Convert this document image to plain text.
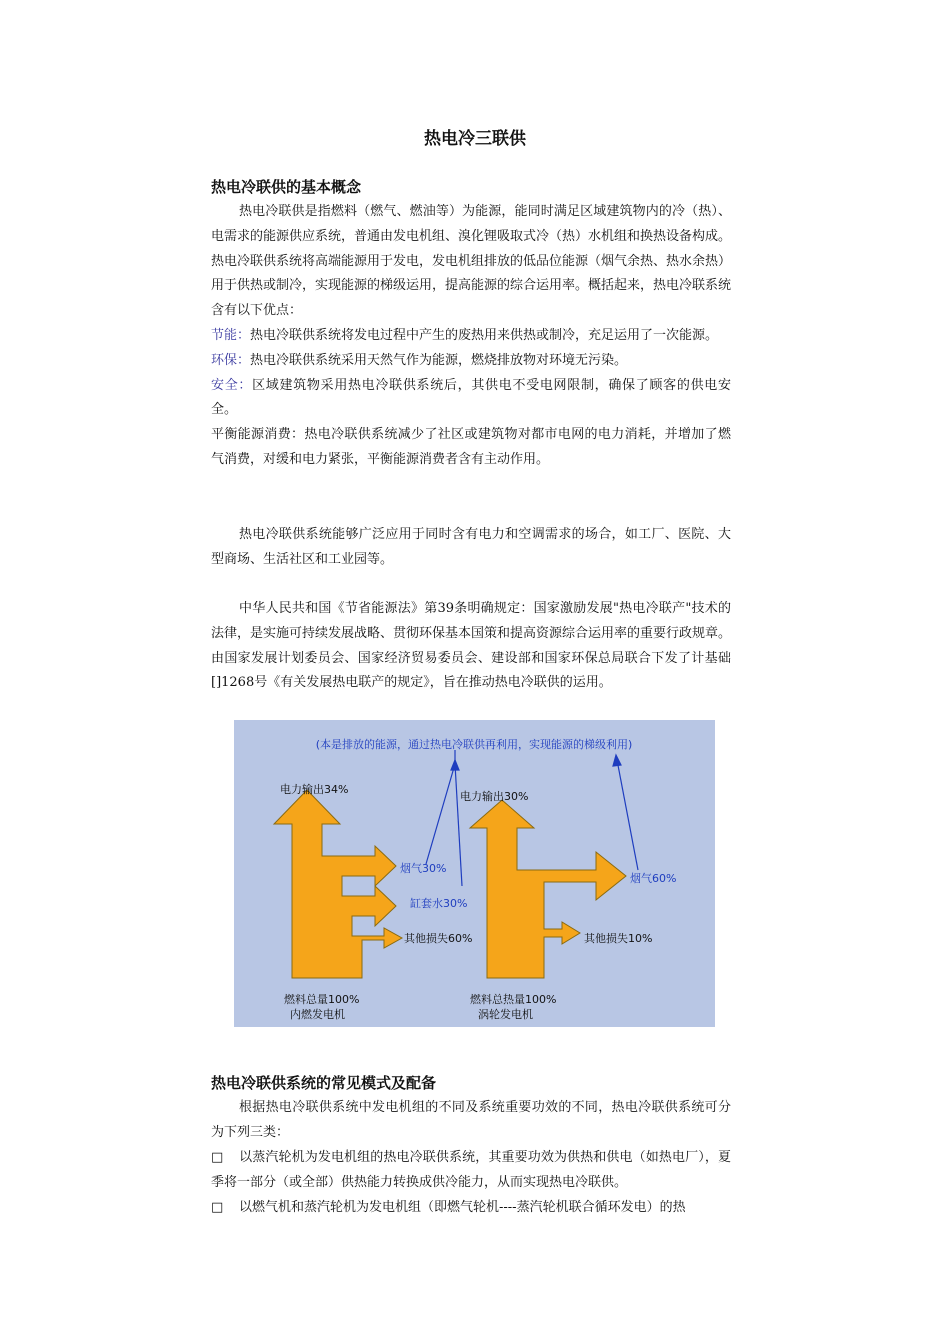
热电冷三联供
热电冷联供的基本概念
热电冷联供是指燃料（燃气、燃油等）为能源，能同时满足区域建筑物内的冷（热）、电需求的能源供应系统，普通由发电机组、溴化锂吸取式冷（热）水机组和换热设备构成。热电冷联供系统将高端能源用于发电，发电机组排放的低品位能源（烟气余热、热水余热）用于供热或制冷，实现能源的梯级运用，提高能源的综合运用率。概括起来，热电冷联系统含有以下优点：
节能：热电冷联供系统将发电过程中产生的废热用来供热或制冷，充足运用了一次能源。
环保：热电冷联供系统采用天然气作为能源，燃烧排放物对环境无污染。
安全：区域建筑物采用热电冷联供系统后，其供电不受电网限制，确保了顾客的供电安全。
平衡能源消费：热电冷联供系统减少了社区或建筑物对都市电网的电力消耗，并增加了燃气消费，对缓和电力紧张，平衡能源消费者含有主动作用。
热电冷联供系统能够广泛应用于同时含有电力和空调需求的场合，如工厂、医院、大型商场、生活社区和工业园等。
中华人民共和国《节省能源法》第39条明确规定：国家激励发展"热电冷联产"技术的法律，是实施可持续发展战略、贯彻环保基本国策和提高资源综合运用率的重要行政规章。由国家发展计划委员会、国家经济贸易委员会、建设部和国家环保总局联合下发了计基础[]1268号《有关发展热电联产的规定》，旨在推动热电冷联供的运用。
(本是排放的能源，通过热电冷联供再利用，实现能源的梯级利用)
电力输出34%
烟气30%
缸套水30%
其他损失60%
燃料总量100%
内燃发电机
电力输出30%
烟气60%
其他损失10%
燃料总热量100%
涡轮发电机
热电冷联供系统的常见模式及配备
根据热电冷联供系统中发电机组的不同及系统重要功效的不同，热电冷联供系统可分为下列三类：
□ 以蒸汽轮机为发电机组的热电冷联供系统，其重要功效为供热和供电（如热电厂），夏季将一部分（或全部）供热能力转换成供冷能力，从而实现热电冷联供。
□ 以燃气机和蒸汽轮机为发电机组（即燃气轮机----蒸汽轮机联合循环发电）的热
